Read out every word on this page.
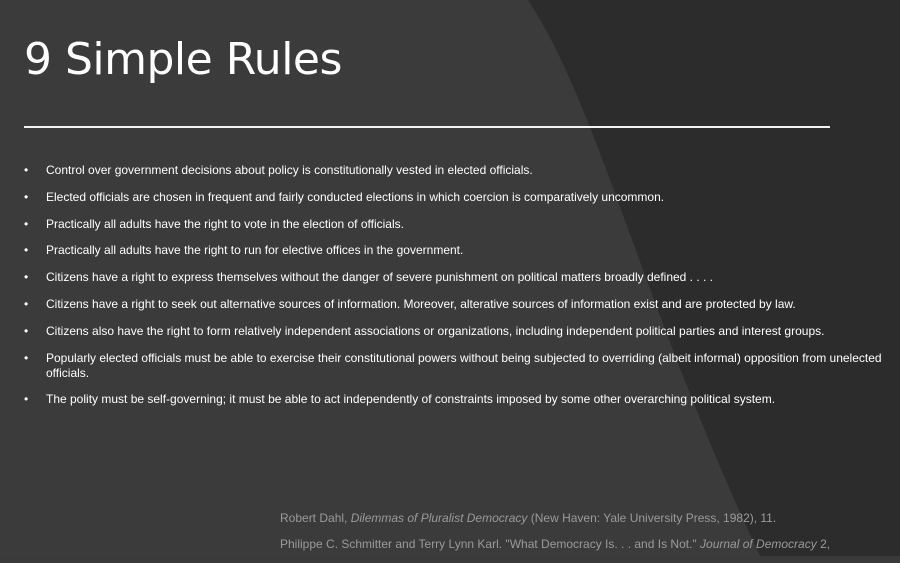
9 Simple Rules
• Control over government decisions about policy is constitutionally vested in elected officials.
• Elected officials are chosen in frequent and fairly conducted elections in which coercion is comparatively uncommon.
• Practically all adults have the right to vote in the election of officials.
• Practically all adults have the right to run for elective offices in the government.
• Citizens have a right to express themselves without the danger of severe punishment on political matters broadly defined . . . .
• Citizens have a right to seek out alternative sources of information. Moreover, alterative sources of information exist and are protected by law.
• Citizens also have the right to form relatively independent associations or organizations, including independent political parties and interest groups.
• Popularly elected officials must be able to exercise their constitutional powers without being subjected to overriding (albeit informal) opposition from unelected officials.
• The polity must be self-governing; it must be able to act independently of constraints imposed by some other overarching political system.

Robert Dahl, Dilemmas of Pluralist Democracy (New Haven: Yale University Press, 1982), 11.

Philippe C. Schmitter and Terry Lynn Karl. "What Democracy Is. . . and Is Not." Journal of Democracy 2,
